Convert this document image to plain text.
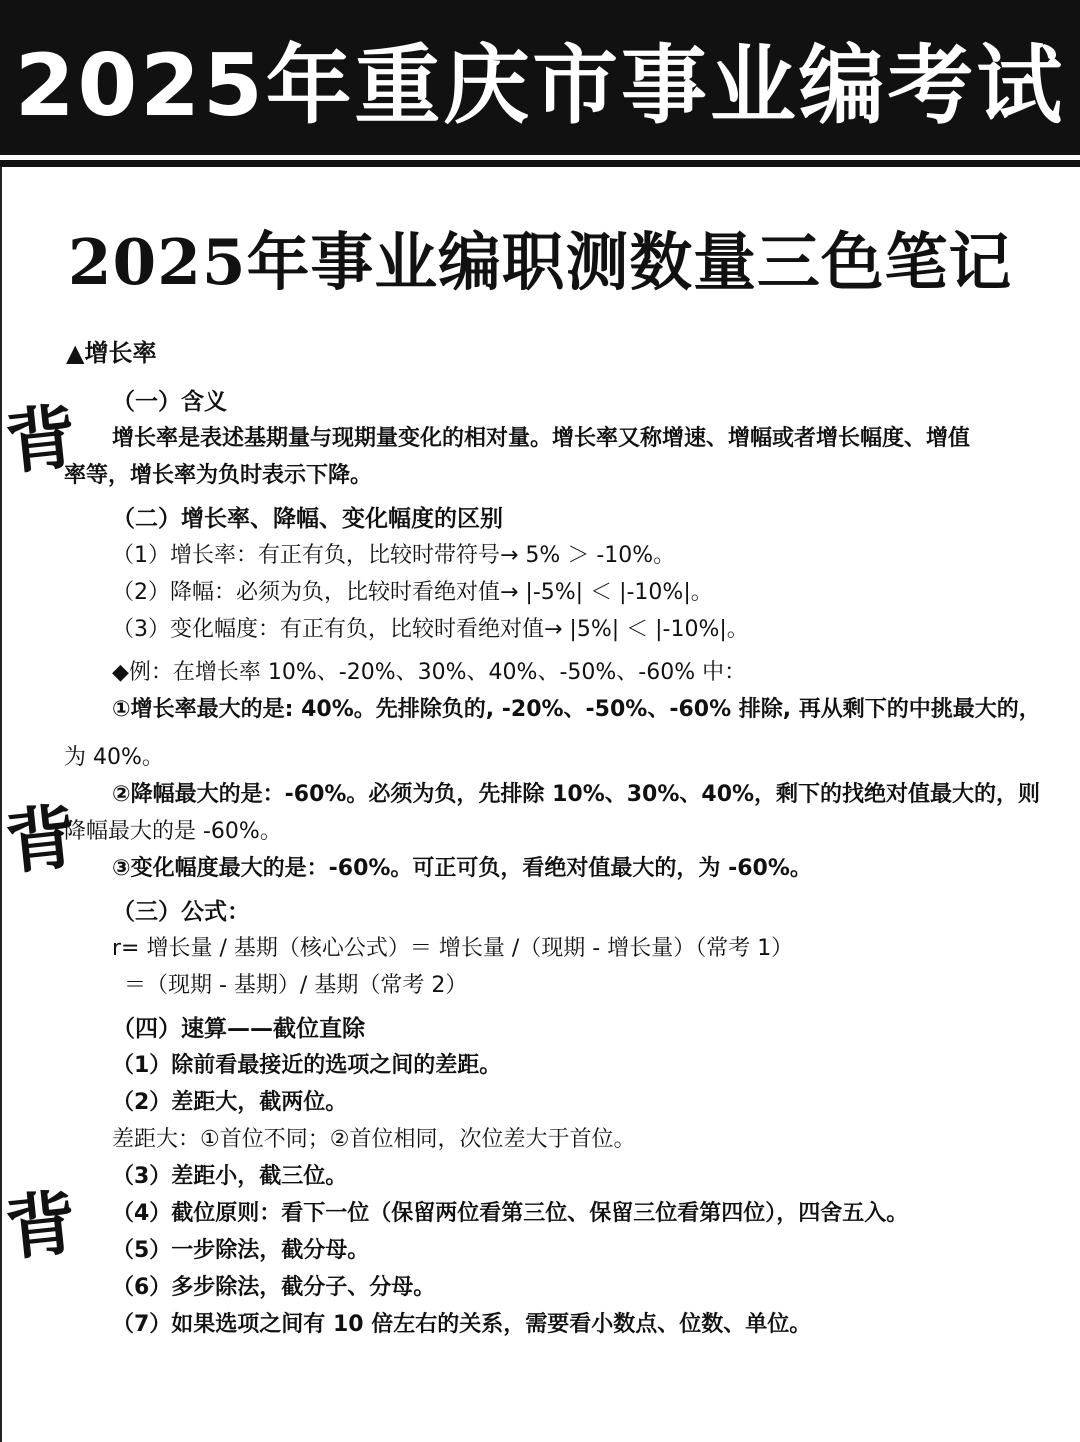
2025年重庆市事业编考试
2025年事业编职测数量三色笔记
背
背
背
▲增长率
（一）含义
增长率是表述基期量与现期量变化的相对量。增长率又称增速、增幅或者增长幅度、增值
率等，增长率为负时表示下降。
（二）增长率、降幅、变化幅度的区别
（1）增长率：有正有负，比较时带符号→ 5% ＞ -10%。
（2）降幅：必须为负，比较时看绝对值→ |-5%| ＜ |-10%|。
（3）变化幅度：有正有负，比较时看绝对值→ |5%| ＜ |-10%|。
◆例：在增长率 10%、-20%、30%、40%、-50%、-60% 中：
①增长率最大的是: 40%。先排除负的, -20%、-50%、-60% 排除, 再从剩下的中挑最大的，
为 40%。
②降幅最大的是：-60%。必须为负，先排除 10%、30%、40%，剩下的找绝对值最大的，则
降幅最大的是 -60%。
③变化幅度最大的是：-60%。可正可负，看绝对值最大的，为 -60%。
（三）公式：
r= 增长量 / 基期（核心公式）＝ 增长量 /（现期 - 增长量）（常考 1）
＝（现期 - 基期）/ 基期（常考 2）
（四）速算——截位直除
（1）除前看最接近的选项之间的差距。
（2）差距大，截两位。
差距大：①首位不同；②首位相同，次位差大于首位。
（3）差距小，截三位。
（4）截位原则：看下一位（保留两位看第三位、保留三位看第四位），四舍五入。
（5）一步除法，截分母。
（6）多步除法，截分子、分母。
（7）如果选项之间有 10 倍左右的关系，需要看小数点、位数、单位。
